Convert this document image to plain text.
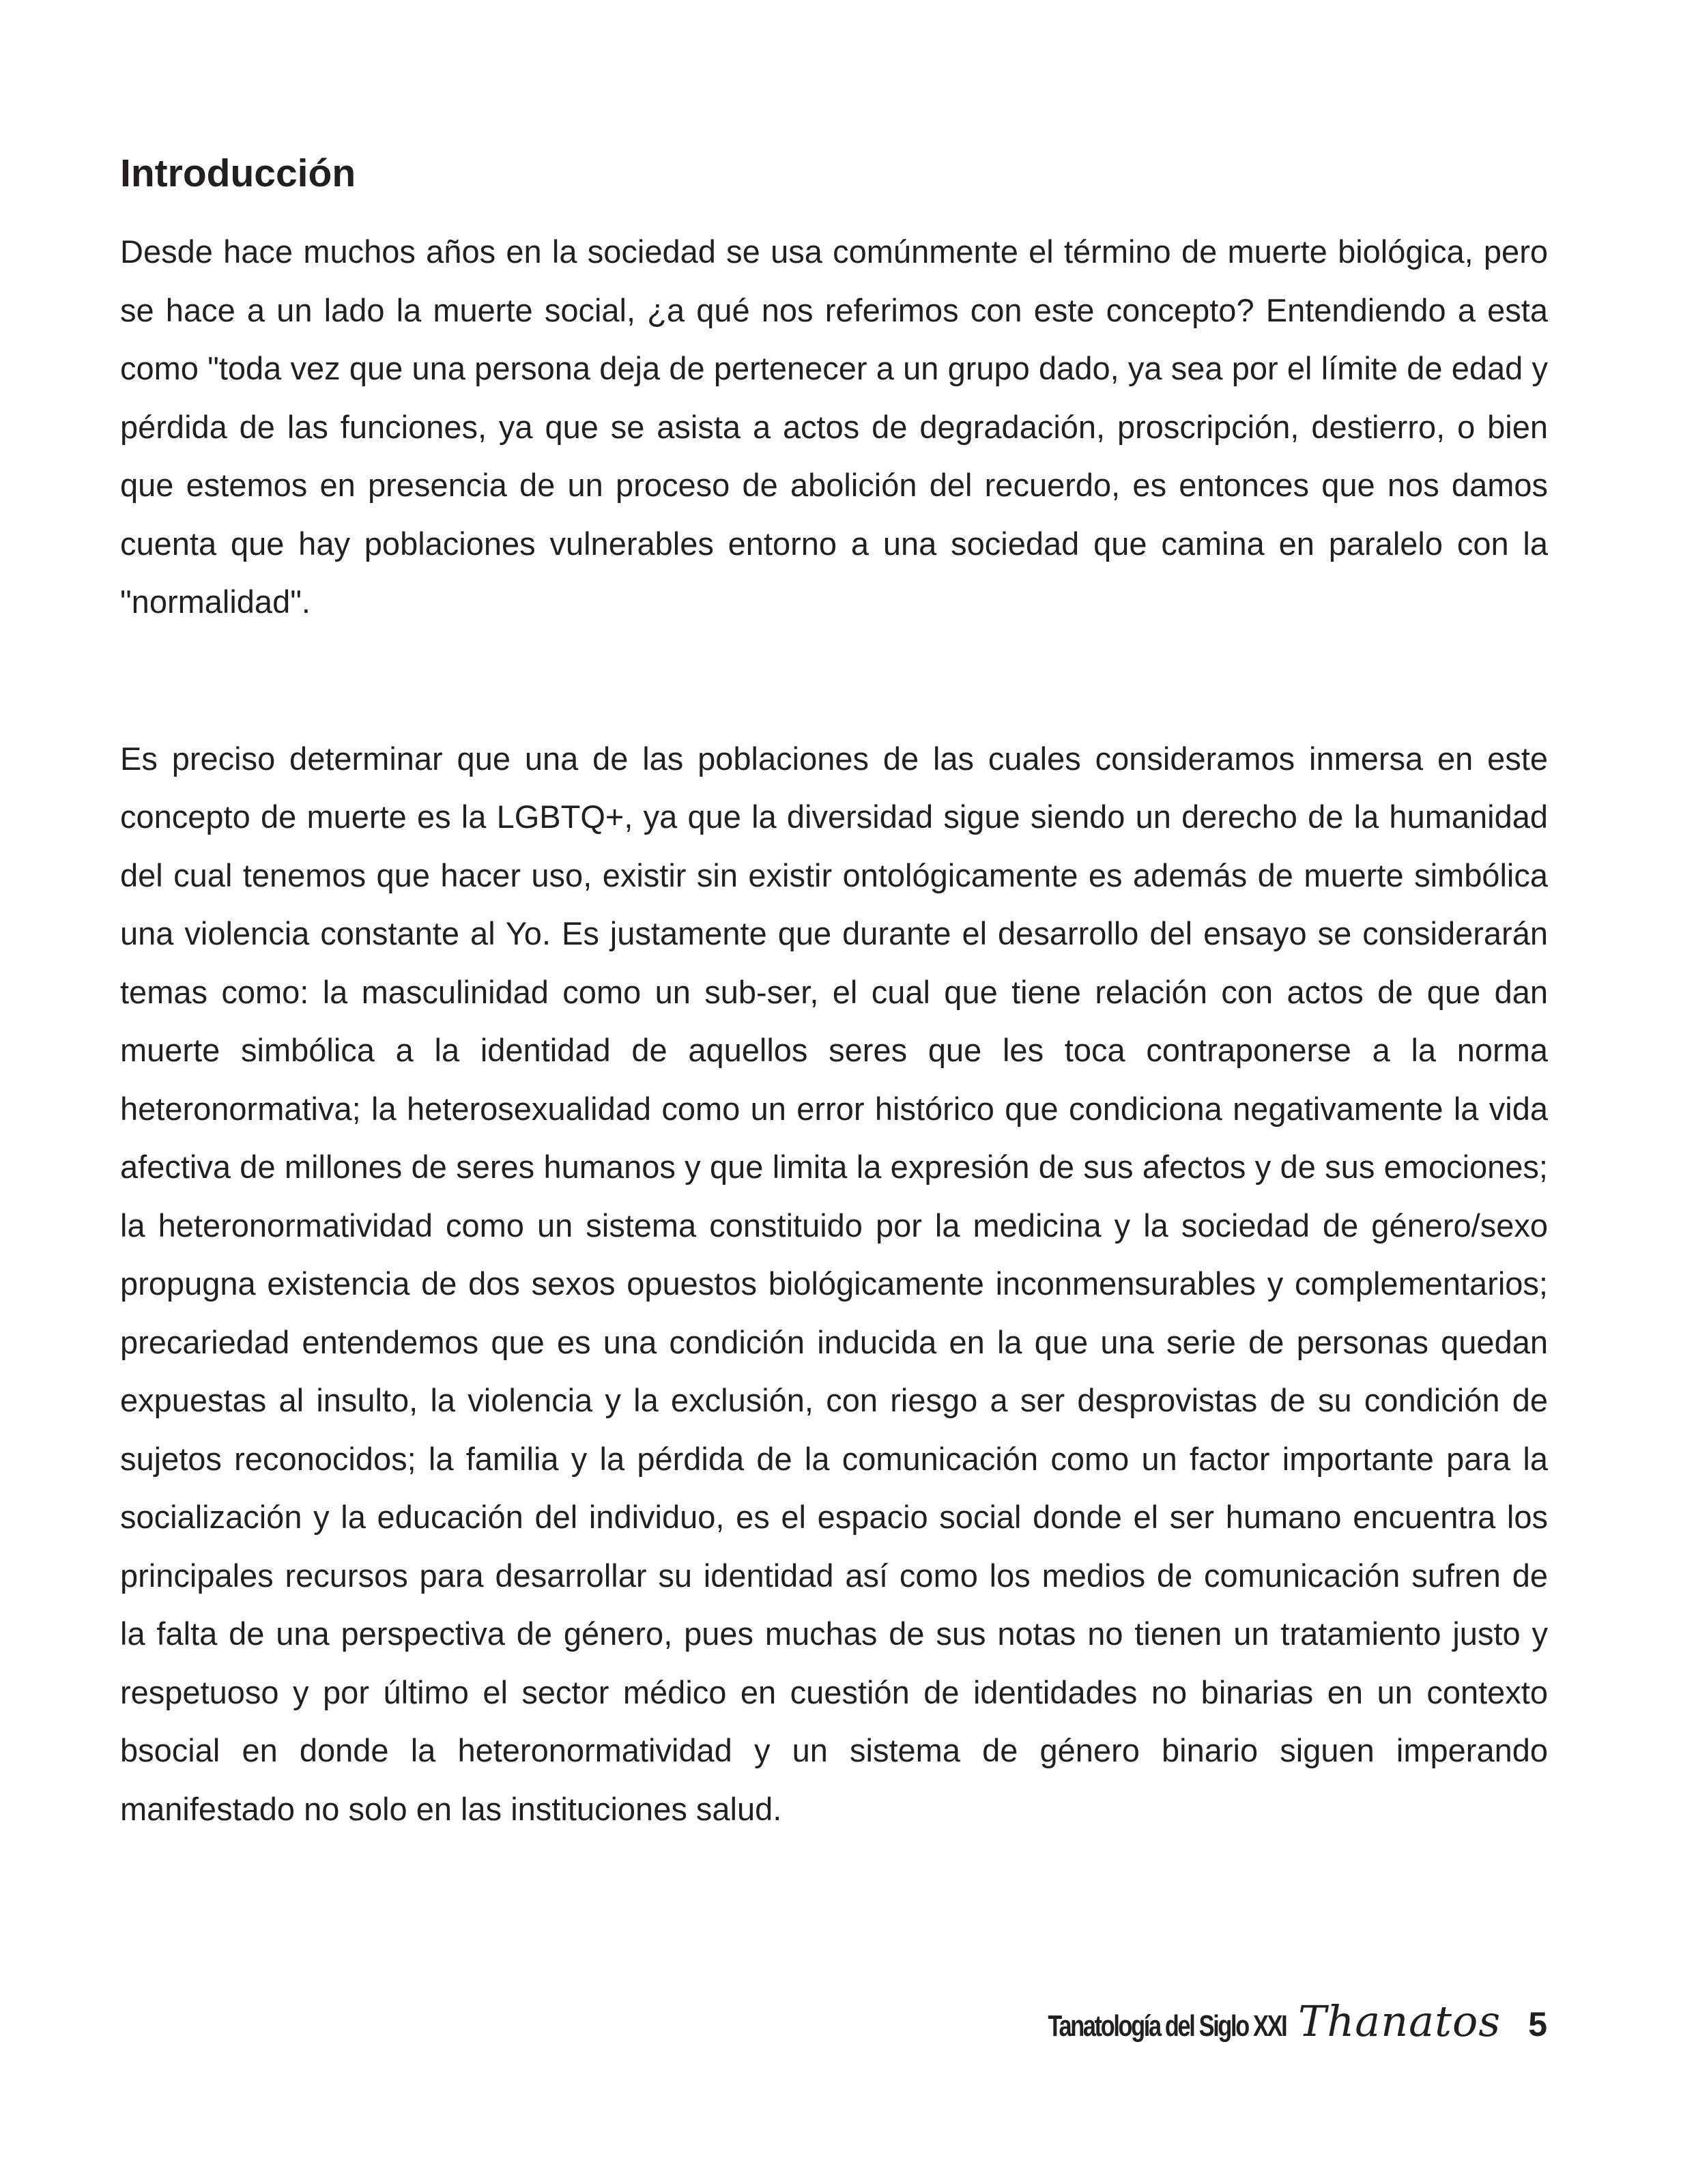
Introducción

Desde hace muchos años en la sociedad se usa comúnmente el término de muerte biológica, pero se hace a un lado la muerte social, ¿a qué nos referimos con este concepto? Entendiendo a esta como "toda vez que una persona deja de pertenecer a un grupo dado, ya sea por el límite de edad y pérdida de las funciones, ya que se asista a actos de degradación, proscripción, destierro, o bien que estemos en presencia de un proceso de abolición del recuerdo, es entonces que nos damos cuenta que hay poblaciones vulnerables entorno a una sociedad que camina en paralelo con la "normalidad".

Es preciso determinar que una de las poblaciones de las cuales consideramos inmersa en este concepto de muerte es la LGBTQ+, ya que la diversidad sigue siendo un derecho de la humanidad del cual tenemos que hacer uso, existir sin existir ontológicamente es además de muerte simbólica una violencia constante al Yo. Es justamente que durante el desarrollo del ensayo se considerarán temas como: la masculinidad como un sub-ser, el cual que tiene relación con actos de que dan muerte simbólica a la identidad de aquellos seres que les toca contraponerse a la norma heteronormativa; la heterosexualidad como un error histórico que condiciona negativamente la vida afectiva de millones de seres humanos y que limita la expresión de sus afectos y de sus emociones; la heteronormatividad como un sistema constituido por la medicina y la sociedad de género/sexo propugna existencia de dos sexos opuestos biológicamente inconmensurables y complementarios; precariedad entendemos que es una condición inducida en la que una serie de personas quedan expuestas al insulto, la violencia y la exclusión, con riesgo a ser desprovistas de su condición de sujetos reconocidos; la familia y la pérdida de la comunicación como un factor importante para la socialización y la educación del individuo, es el espacio social donde el ser humano encuentra los principales recursos para desarrollar su identidad así como los medios de comunicación sufren de la falta de una perspectiva de género, pues muchas de sus notas no tienen un tratamiento justo y respetuoso y por último el sector médico en cuestión de identidades no binarias en un contexto bsocial en donde la heteronormatividad y un sistema de género binario siguen imperando manifestado no solo en las instituciones salud.

Tanatología del Siglo XXI Thanatos 5
